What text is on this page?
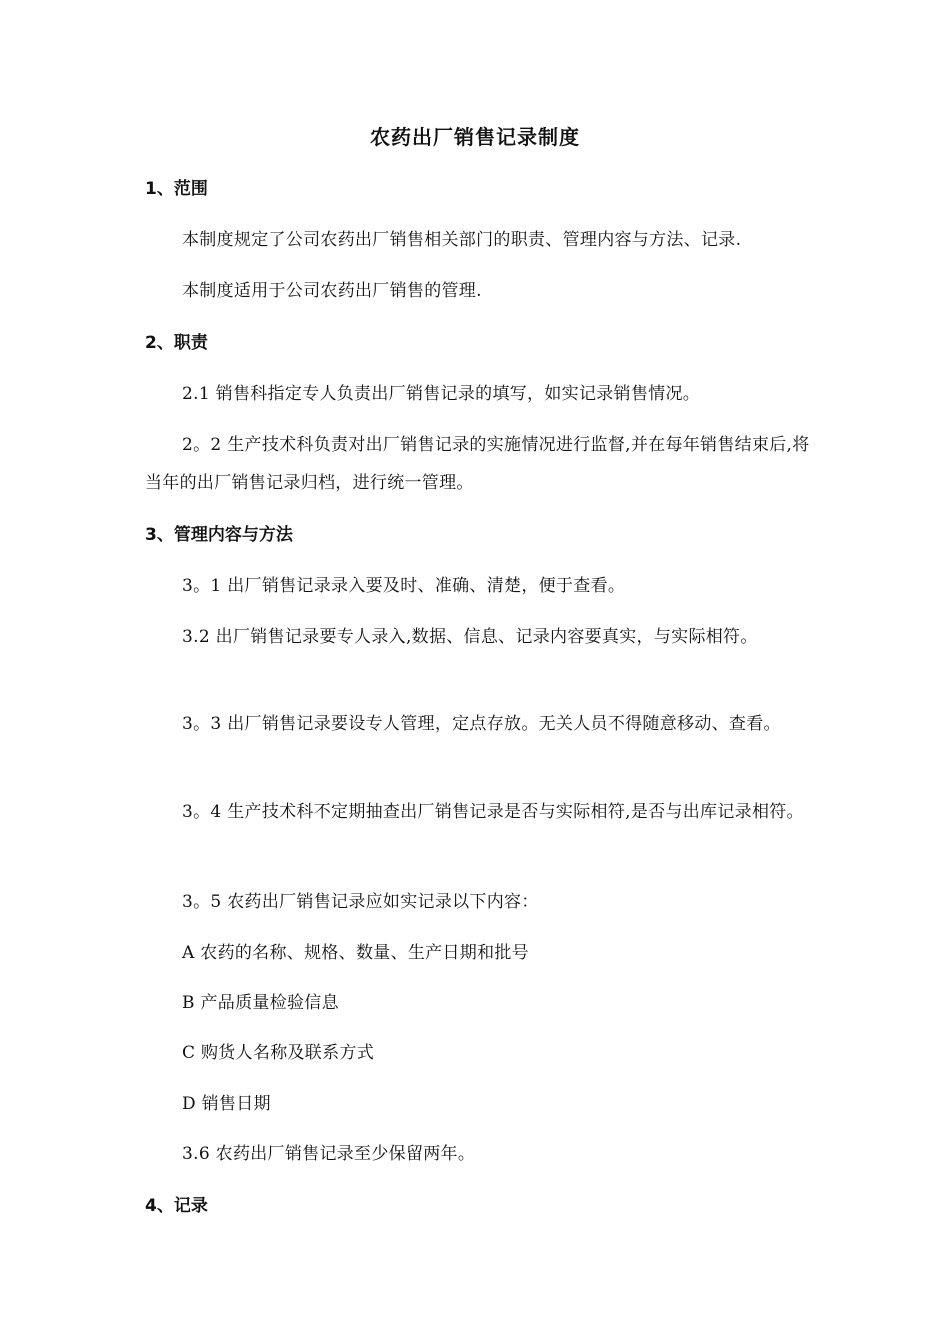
农药出厂销售记录制度
1、范围
本制度规定了公司农药出厂销售相关部门的职责、管理内容与方法、记录.
本制度适用于公司农药出厂销售的管理.
2、职责
2.1 销售科指定专人负责出厂销售记录的填写，如实记录销售情况。
2。2 生产技术科负责对出厂销售记录的实施情况进行监督,并在每年销售结束后,将当年的出厂销售记录归档，进行统一管理。
3、管理内容与方法
3。1 出厂销售记录录入要及时、准确、清楚，便于查看。
3.2 出厂销售记录要专人录入,数据、信息、记录内容要真实，与实际相符。
3。3 出厂销售记录要设专人管理，定点存放。无关人员不得随意移动、查看。
3。4 生产技术科不定期抽查出厂销售记录是否与实际相符,是否与出库记录相符。
3。5 农药出厂销售记录应如实记录以下内容：
A 农药的名称、规格、数量、生产日期和批号
B 产品质量检验信息
C 购货人名称及联系方式
D 销售日期
3.6 农药出厂销售记录至少保留两年。
4、记录
